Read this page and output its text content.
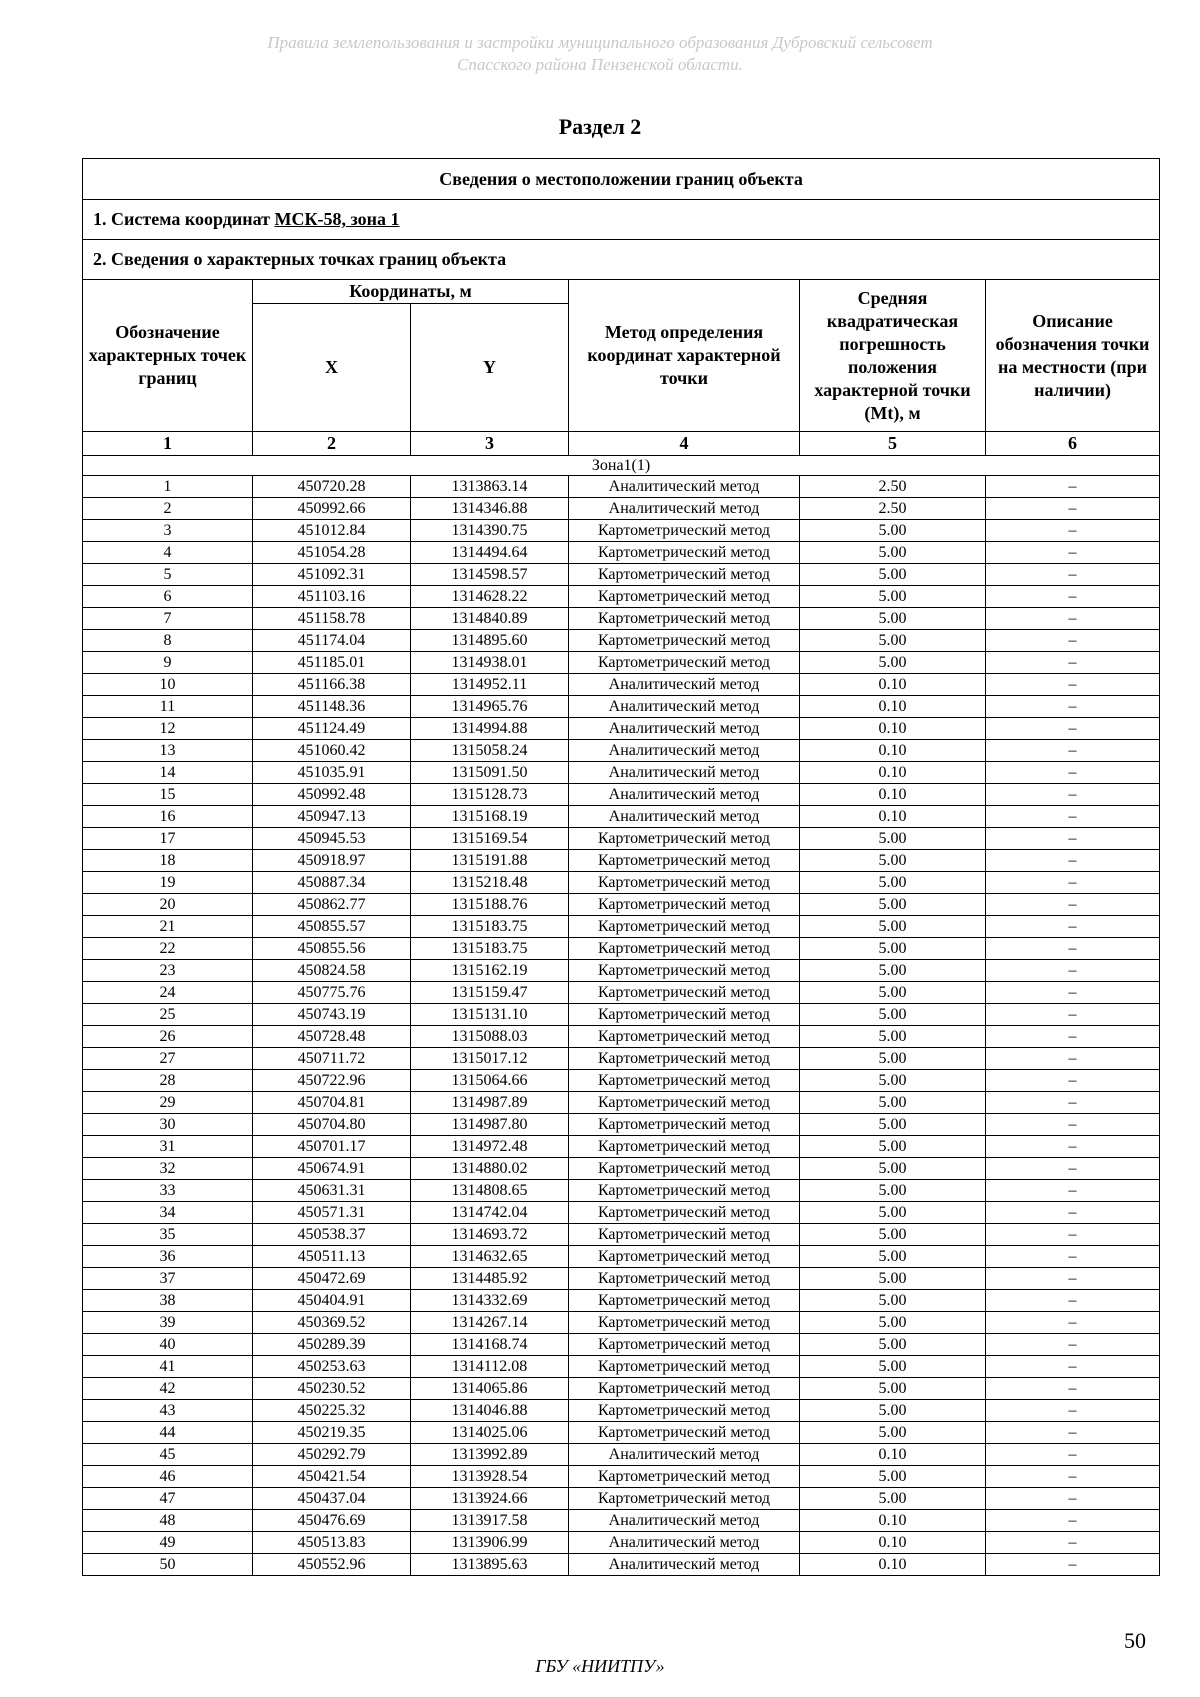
Правила землепользования и застройки муниципального образования Дубровский сельсовет
Спасского района Пензенской области.
Раздел 2
Сведения о местоположении границ объекта					
1. Система координат МСК-58, зона 1					
2. Сведения о характерных точках границ объекта					
Обозначение характерных точек границ	Координаты, м		Метод определения координат характерной точки	Средняя квадратическая погрешность положения характерной точки (Mt), м	Описание обозначения точки на местности (при наличии)
	X	Y			
1	2	3	4	5	6
Зона1(1)					
1	450720.28	1313863.14	Аналитический метод	2.50	–
2	450992.66	1314346.88	Аналитический метод	2.50	–
3	451012.84	1314390.75	Картометрический метод	5.00	–
4	451054.28	1314494.64	Картометрический метод	5.00	–
5	451092.31	1314598.57	Картометрический метод	5.00	–
6	451103.16	1314628.22	Картометрический метод	5.00	–
7	451158.78	1314840.89	Картометрический метод	5.00	–
8	451174.04	1314895.60	Картометрический метод	5.00	–
9	451185.01	1314938.01	Картометрический метод	5.00	–
10	451166.38	1314952.11	Аналитический метод	0.10	–
11	451148.36	1314965.76	Аналитический метод	0.10	–
12	451124.49	1314994.88	Аналитический метод	0.10	–
13	451060.42	1315058.24	Аналитический метод	0.10	–
14	451035.91	1315091.50	Аналитический метод	0.10	–
15	450992.48	1315128.73	Аналитический метод	0.10	–
16	450947.13	1315168.19	Аналитический метод	0.10	–
17	450945.53	1315169.54	Картометрический метод	5.00	–
18	450918.97	1315191.88	Картометрический метод	5.00	–
19	450887.34	1315218.48	Картометрический метод	5.00	–
20	450862.77	1315188.76	Картометрический метод	5.00	–
21	450855.57	1315183.75	Картометрический метод	5.00	–
22	450855.56	1315183.75	Картометрический метод	5.00	–
23	450824.58	1315162.19	Картометрический метод	5.00	–
24	450775.76	1315159.47	Картометрический метод	5.00	–
25	450743.19	1315131.10	Картометрический метод	5.00	–
26	450728.48	1315088.03	Картометрический метод	5.00	–
27	450711.72	1315017.12	Картометрический метод	5.00	–
28	450722.96	1315064.66	Картометрический метод	5.00	–
29	450704.81	1314987.89	Картометрический метод	5.00	–
30	450704.80	1314987.80	Картометрический метод	5.00	–
31	450701.17	1314972.48	Картометрический метод	5.00	–
32	450674.91	1314880.02	Картометрический метод	5.00	–
33	450631.31	1314808.65	Картометрический метод	5.00	–
34	450571.31	1314742.04	Картометрический метод	5.00	–
35	450538.37	1314693.72	Картометрический метод	5.00	–
36	450511.13	1314632.65	Картометрический метод	5.00	–
37	450472.69	1314485.92	Картометрический метод	5.00	–
38	450404.91	1314332.69	Картометрический метод	5.00	–
39	450369.52	1314267.14	Картометрический метод	5.00	–
40	450289.39	1314168.74	Картометрический метод	5.00	–
41	450253.63	1314112.08	Картометрический метод	5.00	–
42	450230.52	1314065.86	Картометрический метод	5.00	–
43	450225.32	1314046.88	Картометрический метод	5.00	–
44	450219.35	1314025.06	Картометрический метод	5.00	–
45	450292.79	1313992.89	Аналитический метод	0.10	–
46	450421.54	1313928.54	Картометрический метод	5.00	–
47	450437.04	1313924.66	Картометрический метод	5.00	–
48	450476.69	1313917.58	Аналитический метод	0.10	–
49	450513.83	1313906.99	Аналитический метод	0.10	–
50	450552.96	1313895.63	Аналитический метод	0.10	–
50
ГБУ «НИИТПУ»
